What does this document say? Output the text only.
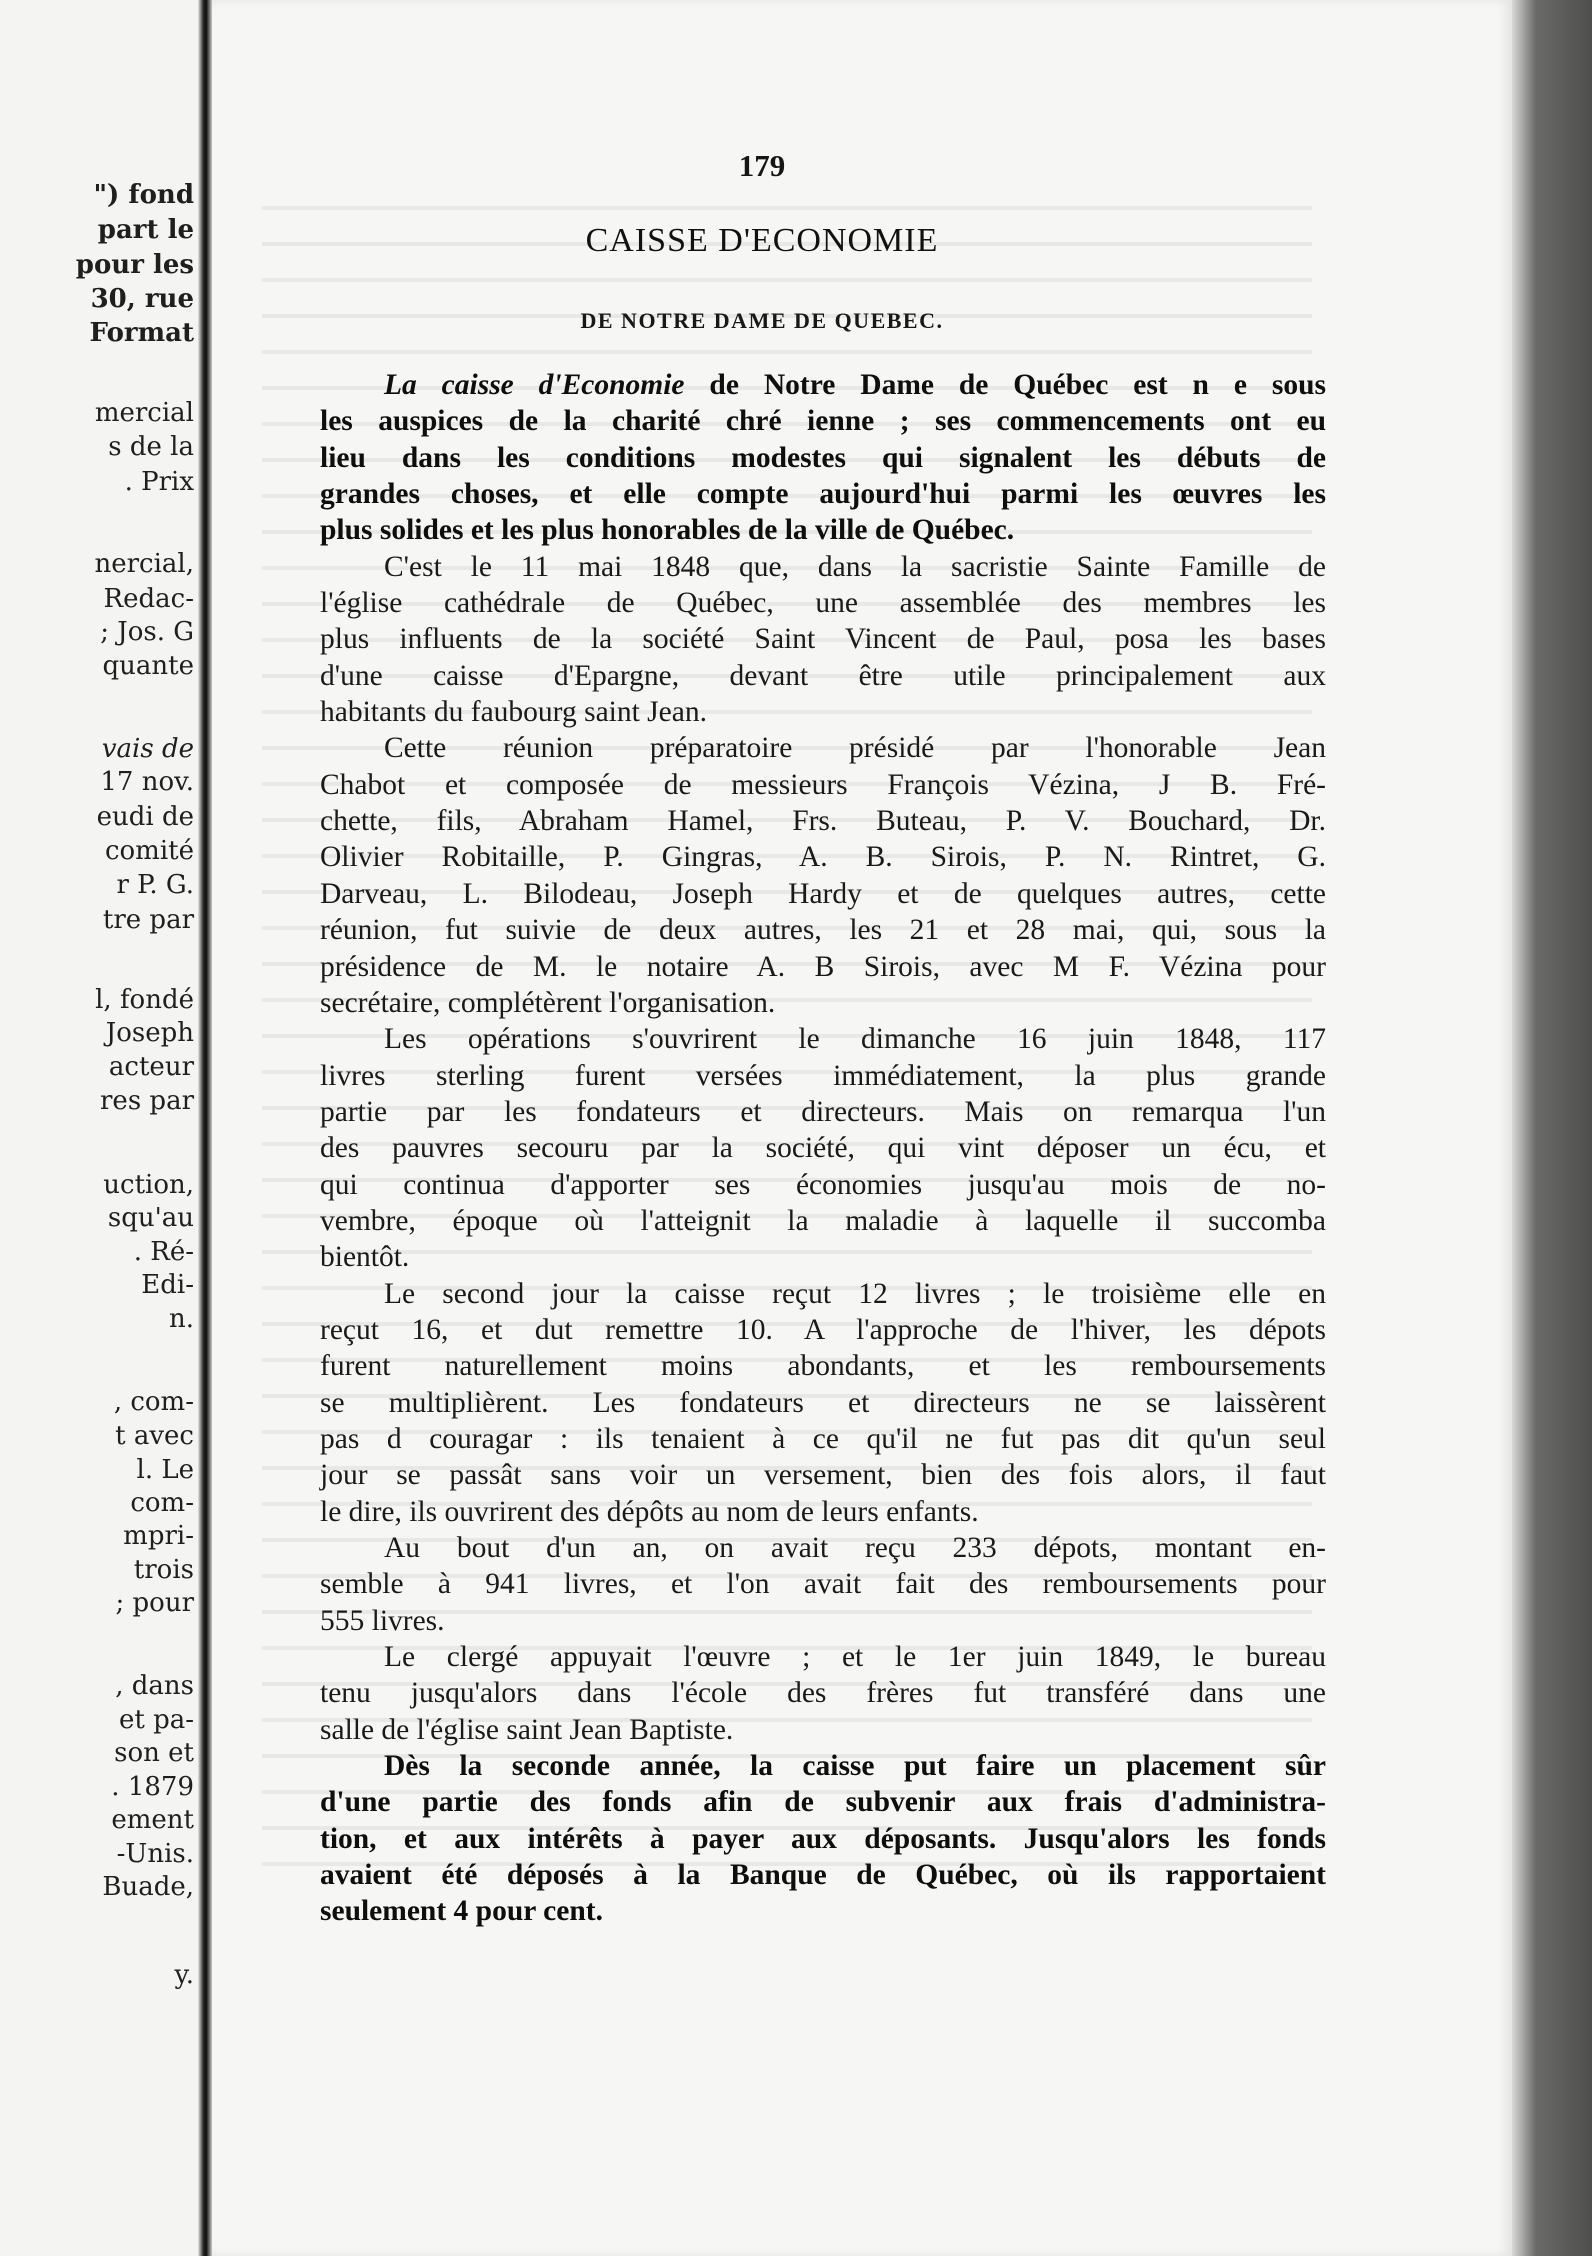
") fond
part le
pour les
30, rue
Format
mercial
s de la
. Prix
nercial,
Redac-
; Jos. G
quante
vais de
17 nov.
eudi de
comité
r P. G.
tre par
l, fondé
Joseph
acteur
res par
uction,
squ'au
. Ré-
Edi-
n.
, com-
t avec
l. Le
com-
mpri-
trois
; pour
, dans
et pa-
son et
. 1879
ement
-Unis.
Buade,
y.
179
CAISSE D'ECONOMIE
DE NOTRE DAME DE QUEBEC.
La caisse d'Economie de Notre Dame de Québec est n e sous
les auspices de la charité chré ienne ; ses commencements ont eu
lieu dans les conditions modestes qui signalent les débuts de
grandes choses, et elle compte aujourd'hui parmi les œuvres les
plus solides et les plus honorables de la ville de Québec.
C'est le 11 mai 1848 que, dans la sacristie Sainte Famille de
l'église cathédrale de Québec, une assemblée des membres les
plus influents de la société Saint Vincent de Paul, posa les bases
d'une caisse d'Epargne, devant être utile principalement aux
habitants du faubourg saint Jean.
Cette réunion préparatoire présidé par l'honorable Jean
Chabot et composée de messieurs François Vézina, J B. Fré-
chette, fils, Abraham Hamel, Frs. Buteau, P. V. Bouchard, Dr.
Olivier Robitaille, P. Gingras, A. B. Sirois, P. N. Rintret, G.
Darveau, L. Bilodeau, Joseph Hardy et de quelques autres, cette
réunion, fut suivie de deux autres, les 21 et 28 mai, qui, sous la
présidence de M. le notaire A. B Sirois, avec M F. Vézina pour
secrétaire, complétèrent l'organisation.
Les opérations s'ouvrirent le dimanche 16 juin 1848, 117
livres sterling furent versées immédiatement, la plus grande
partie par les fondateurs et directeurs. Mais on remarqua l'un
des pauvres secouru par la société, qui vint déposer un écu, et
qui continua d'apporter ses économies jusqu'au mois de no-
vembre, époque où l'atteignit la maladie à laquelle il succomba
bientôt.
Le second jour la caisse reçut 12 livres ; le troisième elle en
reçut 16, et dut remettre 10. A l'approche de l'hiver, les dépots
furent naturellement moins abondants, et les remboursements
se multiplièrent. Les fondateurs et directeurs ne se laissèrent
pas d couragar : ils tenaient à ce qu'il ne fut pas dit qu'un seul
jour se passât sans voir un versement, bien des fois alors, il faut
le dire, ils ouvrirent des dépôts au nom de leurs enfants.
Au bout d'un an, on avait reçu 233 dépots, montant en-
semble à 941 livres, et l'on avait fait des remboursements pour
555 livres.
Le clergé appuyait l'œuvre ; et le 1er juin 1849, le bureau
tenu jusqu'alors dans l'école des frères fut transféré dans une
salle de l'église saint Jean Baptiste.
Dès la seconde année, la caisse put faire un placement sûr
d'une partie des fonds afin de subvenir aux frais d'administra-
tion, et aux intérêts à payer aux déposants. Jusqu'alors les fonds
avaient été déposés à la Banque de Québec, où ils rapportaient
seulement 4 pour cent.
